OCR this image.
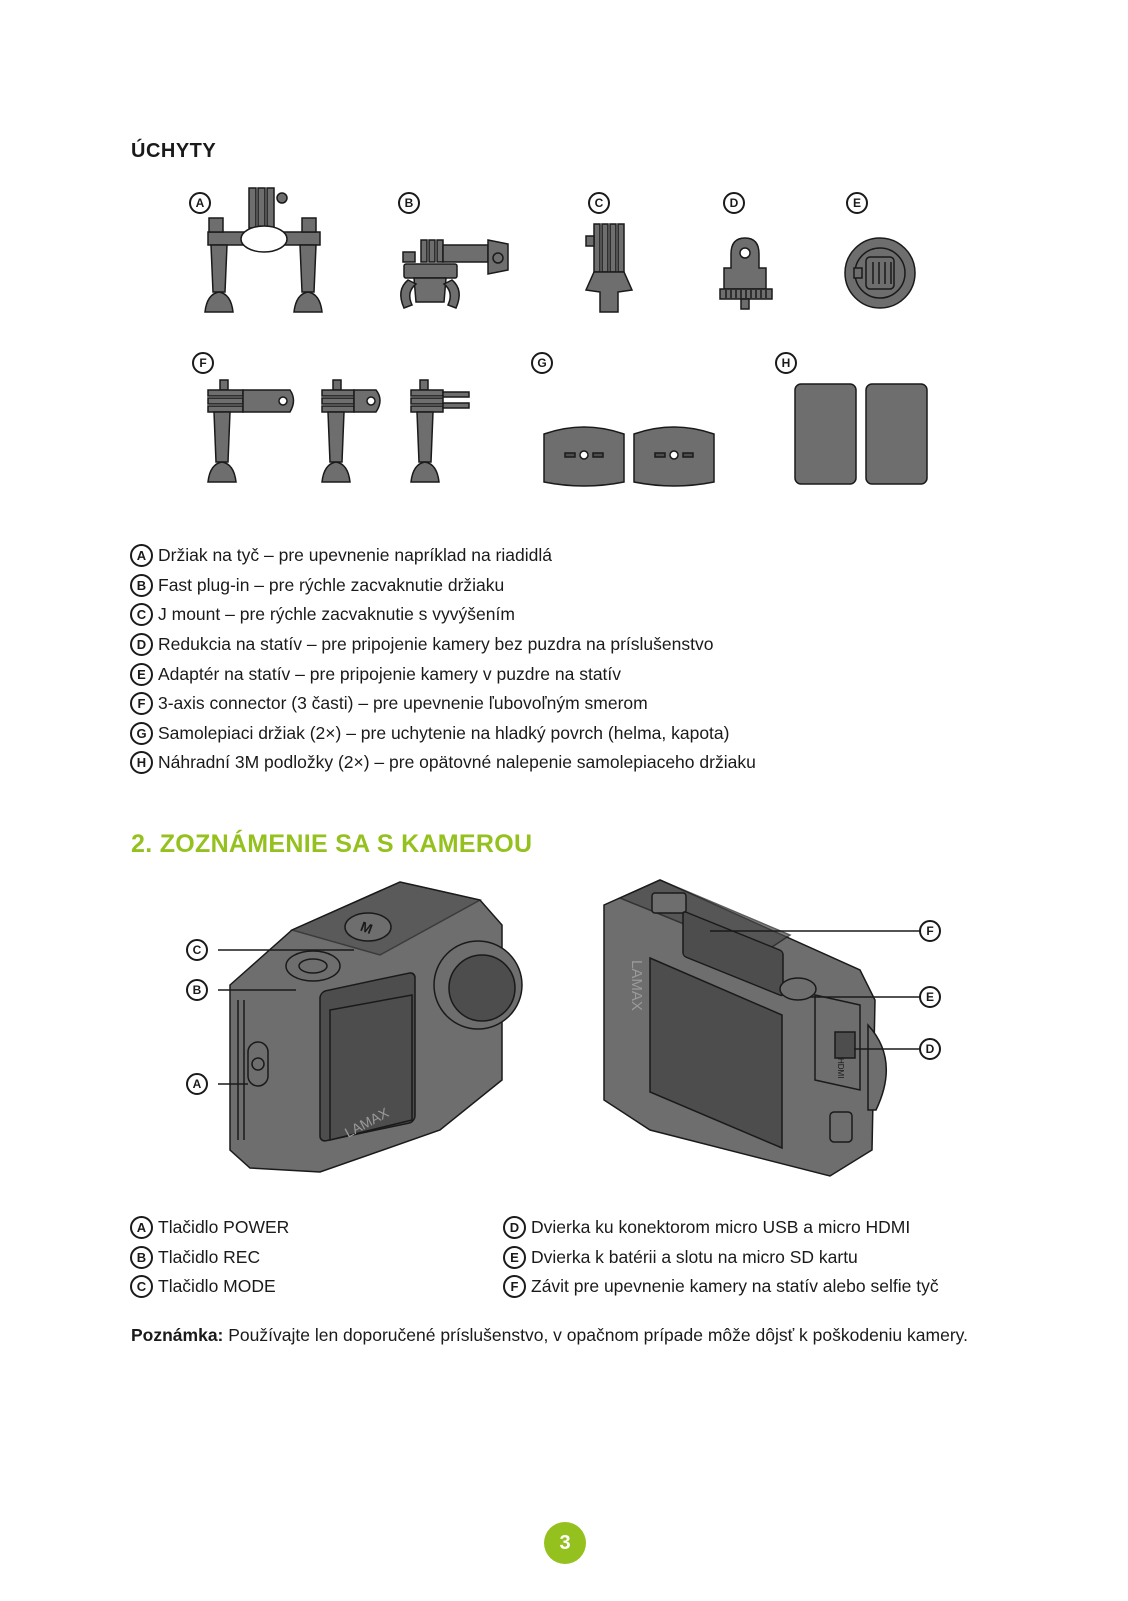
ÚCHYTY
A	B	C	D	E
F	G	H
A Držiak na tyč – pre upevnenie napríklad na riadidlá
B Fast plug-in – pre rýchle zacvaknutie držiaku
C J mount – pre rýchle zacvaknutie s vyvýšením
D Redukcia na statív – pre pripojenie kamery bez puzdra na príslušenstvo
E Adaptér na statív – pre pripojenie kamery v puzdre na statív
F 3-axis connector (3 časti) – pre upevnenie ľubovoľným smerom
G Samolepiaci držiak (2×) – pre uchytenie na hladký povrch (helma, kapota)
H Náhradní 3M podložky (2×) – pre opätovné nalepenie samolepiaceho držiaku
2. ZOZNÁMENIE SA S KAMEROU
LAMAX
M
LAMAX
HDMI
C
B
A
F
E
D
A Tlačidlo POWER
B Tlačidlo REC
C Tlačidlo MODE
D Dvierka ku konektorom micro USB a micro HDMI
E Dvierka k batérii a slotu na micro SD kartu
F Závit pre upevnenie kamery na statív alebo selfie tyč
Poznámka: Používajte len doporučené príslušenstvo, v opačnom prípade môže dôjsť k poškodeniu kamery.
3
